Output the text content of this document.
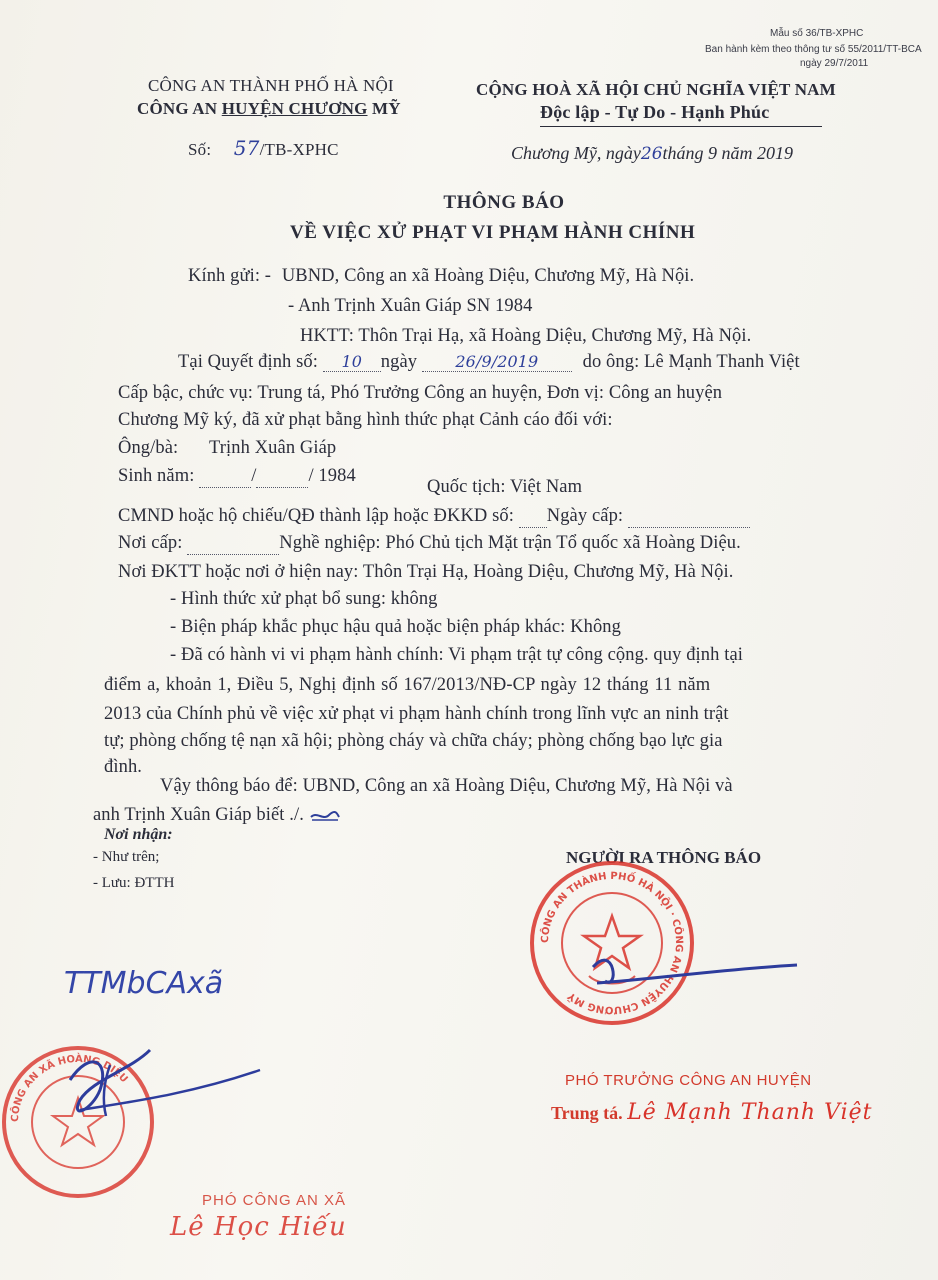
Mẫu số 36/TB-XPHC
Ban hành kèm theo thông tư số 55/2011/TT-BCA
ngày 29/7/2011
CÔNG AN THÀNH PHỐ HÀ NỘI
CÔNG AN HUYỆN CHƯƠNG MỸ
Số: 57/TB-XPHC
CỘNG HOÀ XÃ HỘI CHỦ NGHĨA VIỆT NAM
Độc lập - Tự Do - Hạnh Phúc
Chương Mỹ, ngày26tháng 9 năm 2019
THÔNG BÁO
VỀ VIỆC XỬ PHẠT VI PHẠM HÀNH CHÍNH
Kính gửi: - UBND, Công an xã Hoàng Diệu, Chương Mỹ, Hà Nội.
- Anh Trịnh Xuân Giáp SN 1984
HKTT: Thôn Trại Hạ, xã Hoàng Diệu, Chương Mỹ, Hà Nội.
Tại Quyết định số: 10 ngày 26/9/2019 do ông: Lê Mạnh Thanh Việt
Cấp bậc, chức vụ: Trung tá, Phó Trưởng Công an huyện, Đơn vị: Công an huyện
Chương Mỹ ký, đã xử phạt bằng hình thức phạt Cảnh cáo đối với:
Ông/bà: Trịnh Xuân Giáp
Sinh năm:	/	/ 1984
Quốc tịch: Việt Nam
CMND hoặc hộ chiếu/QĐ thành lập hoặc ĐKKD số: Ngày cấp:
Nơi cấp:	Nghề nghiệp: Phó Chủ tịch Mặt trận Tổ quốc xã Hoàng Diệu.
Nơi ĐKTT hoặc nơi ở hiện nay: Thôn Trại Hạ, Hoàng Diệu, Chương Mỹ, Hà Nội.
- Hình thức xử phạt bổ sung: không
- Biện pháp khắc phục hậu quả hoặc biện pháp khác: Không
- Đã có hành vi vi phạm hành chính: Vi phạm trật tự công cộng. quy định tại
điểm a, khoản 1, Điều 5, Nghị định số 167/2013/NĐ-CP ngày 12 tháng 11 năm
2013 của Chính phủ về việc xử phạt vi phạm hành chính trong lĩnh vực an ninh trật
tự; phòng chống tệ nạn xã hội; phòng cháy và chữa cháy; phòng chống bạo lực gia
đình.
Vậy thông báo để: UBND, Công an xã Hoàng Diệu, Chương Mỹ, Hà Nội và
anh Trịnh Xuân Giáp biết ./.
Nơi nhận:
- Như trên;
- Lưu: ĐTTH
NGƯỜI RA THÔNG BÁO
CÔNG AN THÀNH PHỐ HÀ NỘI · CÔNG AN HUYỆN CHƯƠNG MỸ
PHÓ TRƯỞNG CÔNG AN HUYỆN
Trung tá. Lê Mạnh Thanh Việt
TTMbCAxã
CÔNG AN XÃ HOÀNG DIỆU
PHÓ CÔNG AN XÃ
Lê Học Hiếu
